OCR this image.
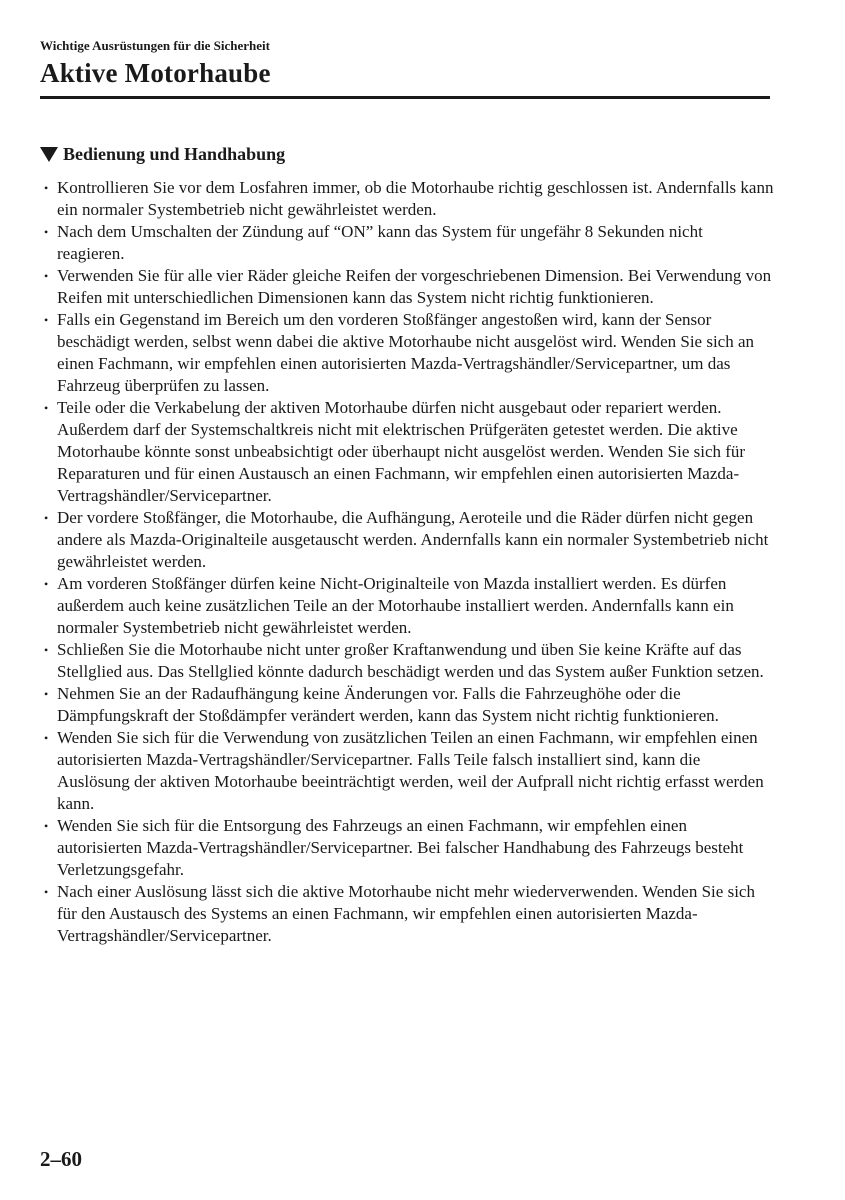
Wichtige Ausrüstungen für die Sicherheit

Aktive Motorhaube
Bedienung und Handhabung
• Kontrollieren Sie vor dem Losfahren immer, ob die Motorhaube richtig geschlossen ist. Andernfalls kann ein normaler Systembetrieb nicht gewährleistet werden.
• Nach dem Umschalten der Zündung auf “ON” kann das System für ungefähr 8 Sekunden nicht reagieren.
• Verwenden Sie für alle vier Räder gleiche Reifen der vorgeschriebenen Dimension. Bei Verwendung von Reifen mit unterschiedlichen Dimensionen kann das System nicht richtig funktionieren.
• Falls ein Gegenstand im Bereich um den vorderen Stoßfänger angestoßen wird, kann der Sensor beschädigt werden, selbst wenn dabei die aktive Motorhaube nicht ausgelöst wird. Wenden Sie sich an einen Fachmann, wir empfehlen einen autorisierten Mazda-Vertragshändler/Servicepartner, um das Fahrzeug überprüfen zu lassen.
• Teile oder die Verkabelung der aktiven Motorhaube dürfen nicht ausgebaut oder repariert werden. Außerdem darf der Systemschaltkreis nicht mit elektrischen Prüfgeräten getestet werden. Die aktive Motorhaube könnte sonst unbeabsichtigt oder überhaupt nicht ausgelöst werden. Wenden Sie sich für Reparaturen und für einen Austausch an einen Fachmann, wir empfehlen einen autorisierten Mazda-Vertragshändler/Servicepartner.
• Der vordere Stoßfänger, die Motorhaube, die Aufhängung, Aeroteile und die Räder dürfen nicht gegen andere als Mazda-Originalteile ausgetauscht werden. Andernfalls kann ein normaler Systembetrieb nicht gewährleistet werden.
• Am vorderen Stoßfänger dürfen keine Nicht-Originalteile von Mazda installiert werden. Es dürfen außerdem auch keine zusätzlichen Teile an der Motorhaube installiert werden. Andernfalls kann ein normaler Systembetrieb nicht gewährleistet werden.
• Schließen Sie die Motorhaube nicht unter großer Kraftanwendung und üben Sie keine Kräfte auf das Stellglied aus. Das Stellglied könnte dadurch beschädigt werden und das System außer Funktion setzen.
• Nehmen Sie an der Radaufhängung keine Änderungen vor. Falls die Fahrzeughöhe oder die Dämpfungskraft der Stoßdämpfer verändert werden, kann das System nicht richtig funktionieren.
• Wenden Sie sich für die Verwendung von zusätzlichen Teilen an einen Fachmann, wir empfehlen einen autorisierten Mazda-Vertragshändler/Servicepartner. Falls Teile falsch installiert sind, kann die Auslösung der aktiven Motorhaube beeinträchtigt werden, weil der Aufprall nicht richtig erfasst werden kann.
• Wenden Sie sich für die Entsorgung des Fahrzeugs an einen Fachmann, wir empfehlen einen autorisierten Mazda-Vertragshändler/Servicepartner. Bei falscher Handhabung des Fahrzeugs besteht Verletzungsgefahr.
• Nach einer Auslösung lässt sich die aktive Motorhaube nicht mehr wiederverwenden. Wenden Sie sich für den Austausch des Systems an einen Fachmann, wir empfehlen einen autorisierten Mazda-Vertragshändler/Servicepartner.
2–60
